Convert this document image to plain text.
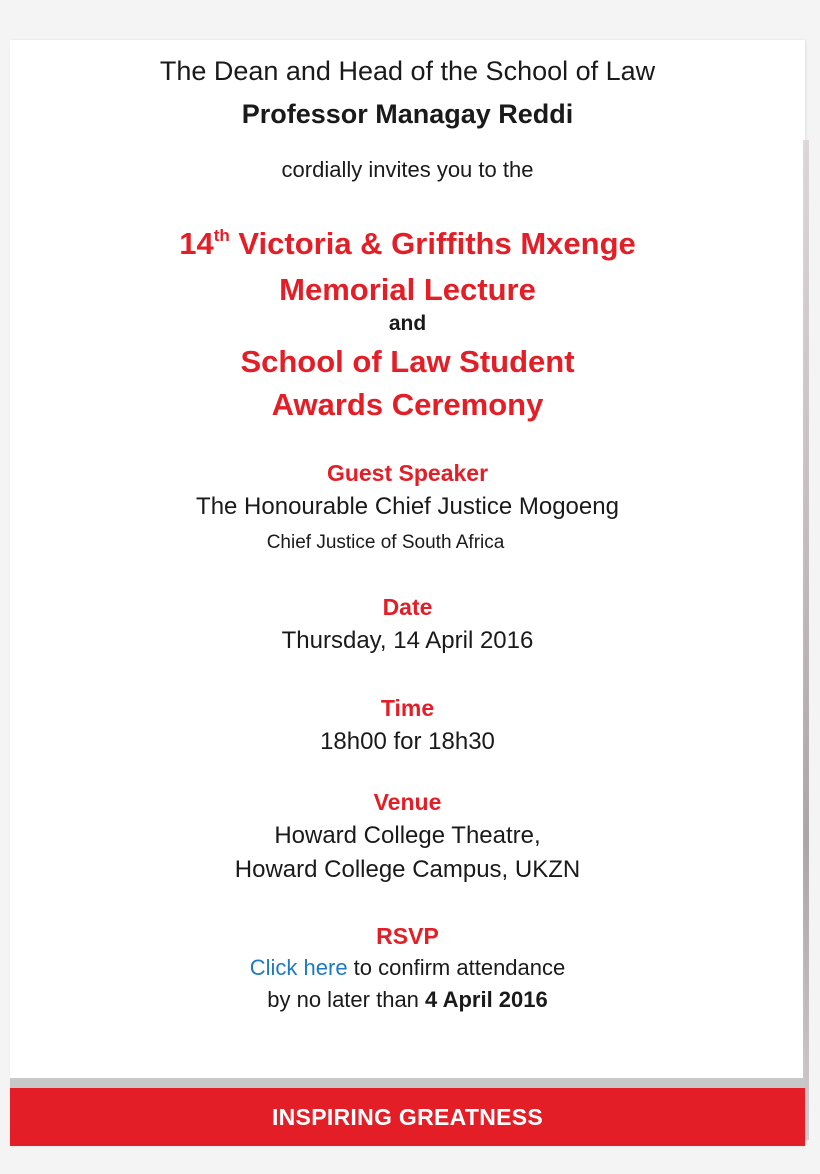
The Dean and Head of the School of Law
Professor Managay Reddi
cordially invites you to the
14th Victoria & Griffiths Mxenge
Memorial Lecture
and
School of Law Student
Awards Ceremony
Guest Speaker
The Honourable Chief Justice Mogoeng
Chief Justice of South Africa
Date
Thursday, 14 April 2016
Time
18h00 for 18h30
Venue
Howard College Theatre,
Howard College Campus, UKZN
RSVP
Click here to confirm attendance
by no later than 4 April 2016
INSPIRING GREATNESS
